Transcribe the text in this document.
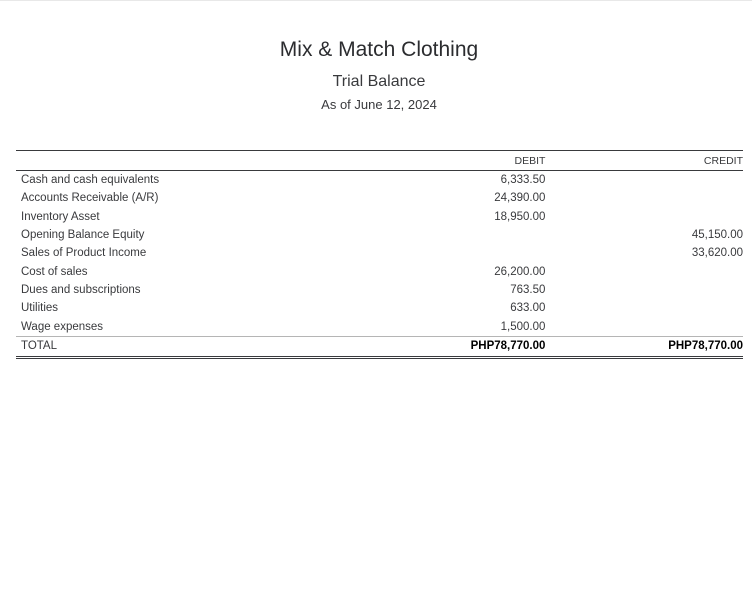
Mix & Match Clothing
Trial Balance
As of June 12, 2024
	DEBIT	CREDIT
Cash and cash equivalents	6,333.50	
Accounts Receivable (A/R)	24,390.00	
Inventory Asset	18,950.00	
Opening Balance Equity		45,150.00
Sales of Product Income		33,620.00
Cost of sales	26,200.00	
Dues and subscriptions	763.50	
Utilities	633.00	
Wage expenses	1,500.00	
TOTAL	PHP78,770.00	PHP78,770.00
